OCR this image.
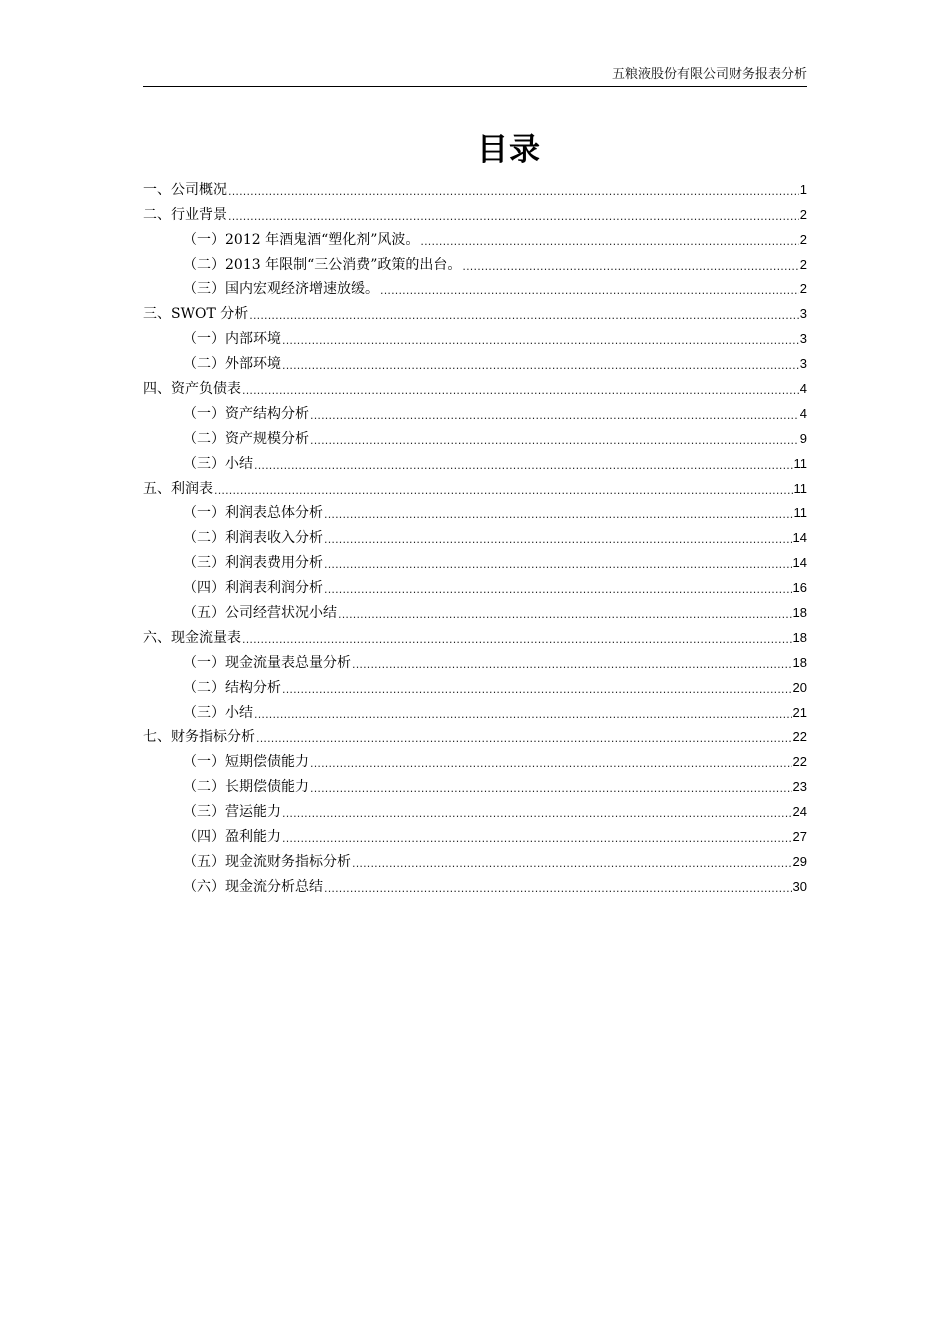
五粮液股份有限公司财务报表分析
目录
一、公司概况 .....	1
二、行业背景 .....	2
（一）2012 年酒鬼酒“塑化剂”风波。 .....	2
（二）2013 年限制“三公消费”政策的出台。 .....	2
（三）国内宏观经济增速放缓。 .....	2
三、SWOT 分析 .....	3
（一）内部环境 .....	3
（二）外部环境 .....	3
四、资产负债表 .....	4
（一）资产结构分析 .....	4
（二）资产规模分析 .....	9
（三）小结 .....	11
五、利润表 .....	11
（一）利润表总体分析 .....	11
（二）利润表收入分析 .....	14
（三）利润表费用分析 .....	14
（四）利润表利润分析 .....	16
（五）公司经营状况小结 .....	18
六、现金流量表 .....	18
（一）现金流量表总量分析 .....	18
（二）结构分析 .....	20
（三）小结 .....	21
七、财务指标分析 .....	22
（一）短期偿债能力 .....	22
（二）长期偿债能力 .....	23
（三）营运能力 .....	24
（四）盈利能力 .....	27
（五）现金流财务指标分析 .....	29
（六）现金流分析总结 .....	30
